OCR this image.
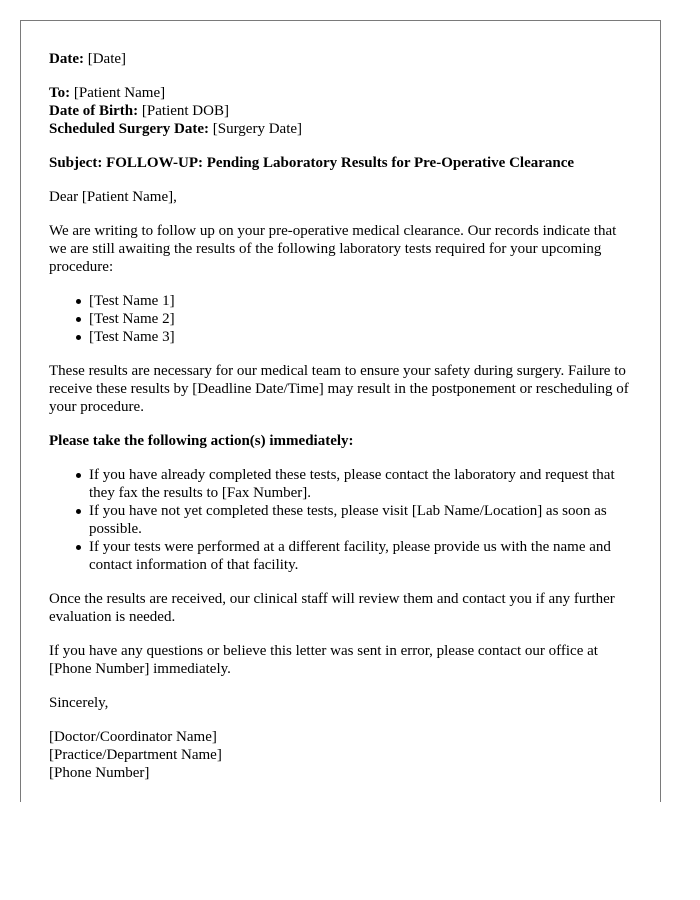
Date: [Date]

To: [Patient Name]
Date of Birth: [Patient DOB]
Scheduled Surgery Date: [Surgery Date]

Subject: FOLLOW-UP: Pending Laboratory Results for Pre-Operative Clearance

Dear [Patient Name],

We are writing to follow up on your pre-operative medical clearance. Our records indicate that we are still awaiting the results of the following laboratory tests required for your upcoming procedure:

[Test Name 1]
[Test Name 2]
[Test Name 3]

These results are necessary for our medical team to ensure your safety during surgery. Failure to receive these results by [Deadline Date/Time] may result in the postponement or rescheduling of your procedure.

Please take the following action(s) immediately:

If you have already completed these tests, please contact the laboratory and request that they fax the results to [Fax Number].
If you have not yet completed these tests, please visit [Lab Name/Location] as soon as possible.
If your tests were performed at a different facility, please provide us with the name and contact information of that facility.

Once the results are received, our clinical staff will review them and contact you if any further evaluation is needed.

If you have any questions or believe this letter was sent in error, please contact our office at [Phone Number] immediately.

Sincerely,

[Doctor/Coordinator Name]

[Practice/Department Name]

[Phone Number]
